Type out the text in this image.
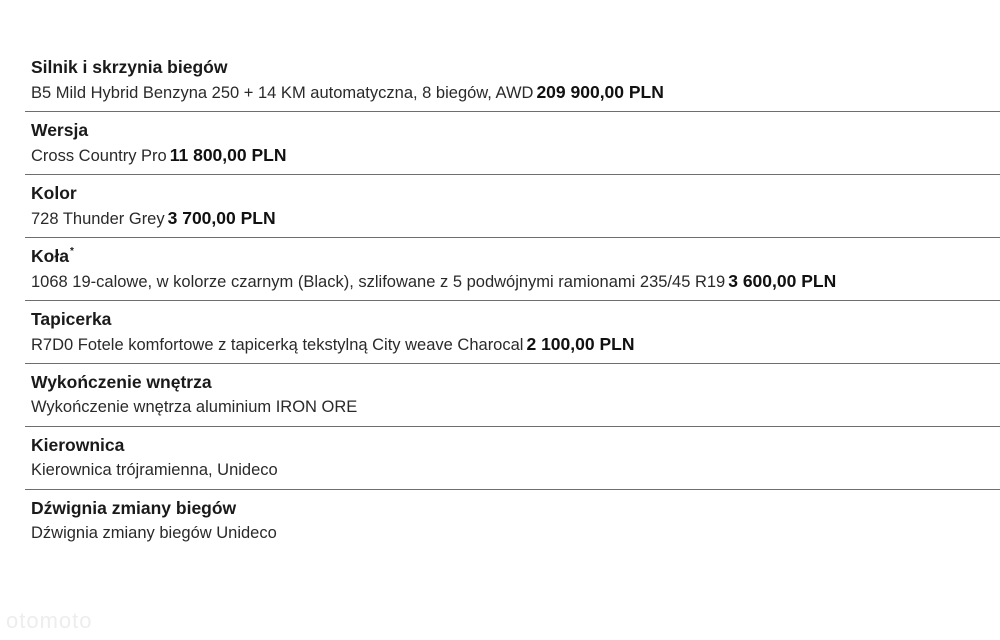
Silnik i skrzynia biegów
B5 Mild Hybrid Benzyna 250 + 14 KM automatyczna, 8 biegów, AWD 209 900,00 PLN
Wersja
Cross Country Pro 11 800,00 PLN
Kolor
728 Thunder Grey 3 700,00 PLN
Koła*
1068 19-calowe, w kolorze czarnym (Black), szlifowane z 5 podwójnymi ramionami 235/45 R19 3 600,00 PLN
Tapicerka
R7D0 Fotele komfortowe z tapicerką tekstylną City weave Charocal 2 100,00 PLN
Wykończenie wnętrza
Wykończenie wnętrza aluminium IRON ORE
Kierownica
Kierownica trójramienna, Unideco
Dźwignia zmiany biegów
Dźwignia zmiany biegów Unideco
otomoto
